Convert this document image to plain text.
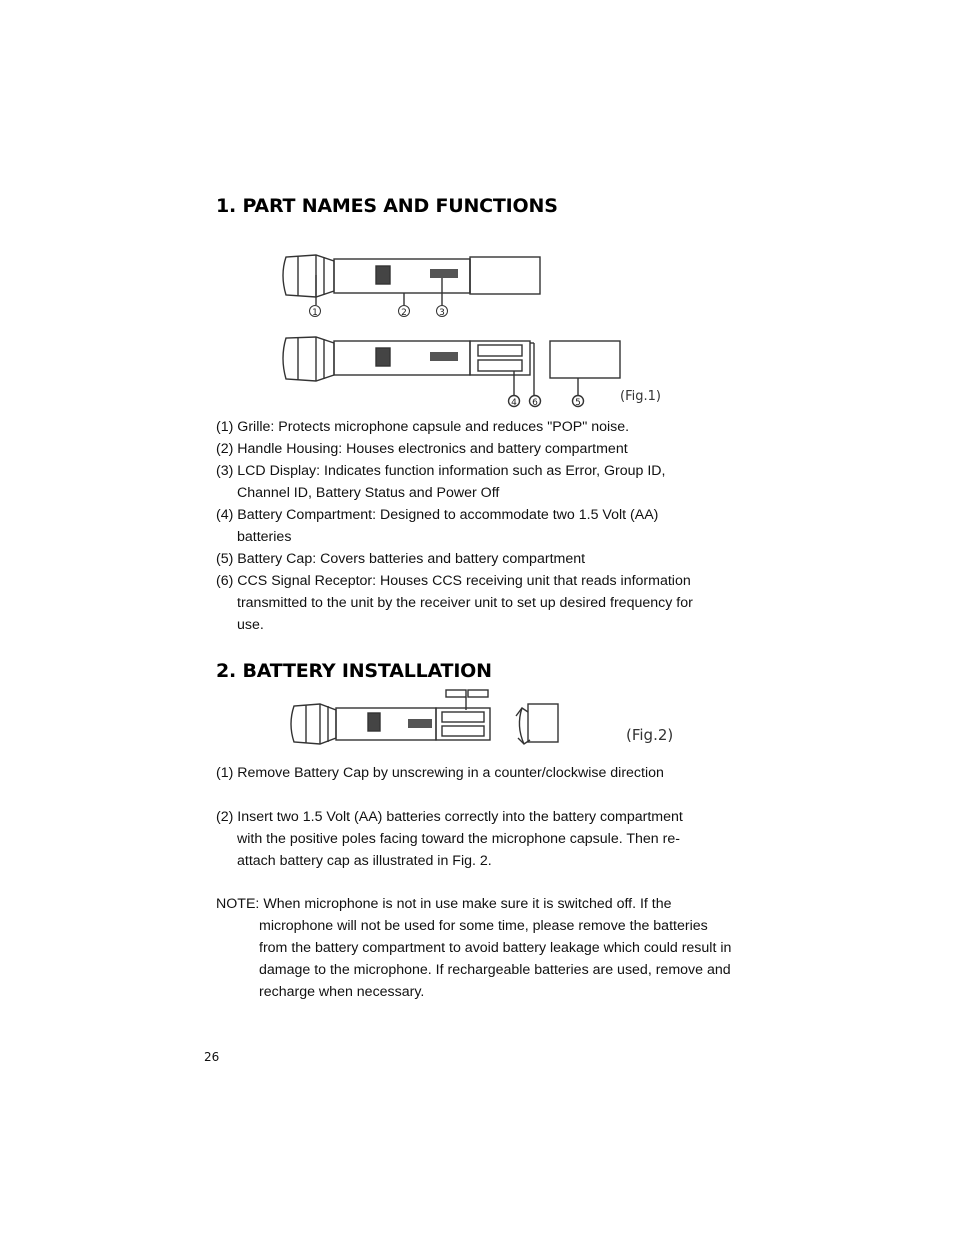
1. PART NAMES AND FUNCTIONS
(Fig.1)
1	2	3
4 6	5
(1) Grille: Protects microphone capsule and reduces "POP" noise.
(2) Handle Housing: Houses electronics and battery compartment
(3) LCD Display: Indicates function information such as Error, Group ID,
Channel ID, Battery Status and Power Off
(4) Battery Compartment: Designed to accommodate two 1.5 Volt (AA)
batteries
(5) Battery Cap: Covers batteries and battery compartment
(6) CCS Signal Receptor: Houses CCS receiving unit that reads information
transmitted to the unit by the receiver unit to set up desired frequency for
use.
2. BATTERY INSTALLATION
(Fig.2)
(1) Remove Battery Cap by unscrewing in a counter/clockwise direction
(2) Insert two 1.5 Volt (AA) batteries correctly into the battery compartment
with the positive poles facing toward the microphone capsule. Then re-
attach battery cap as illustrated in Fig. 2.
NOTE: When microphone is not in use make sure it is switched off. If the
microphone will not be used for some time, please remove the batteries
from the battery compartment to avoid battery leakage which could result in
damage to the microphone. If rechargeable batteries are used, remove and
recharge when necessary.
26
